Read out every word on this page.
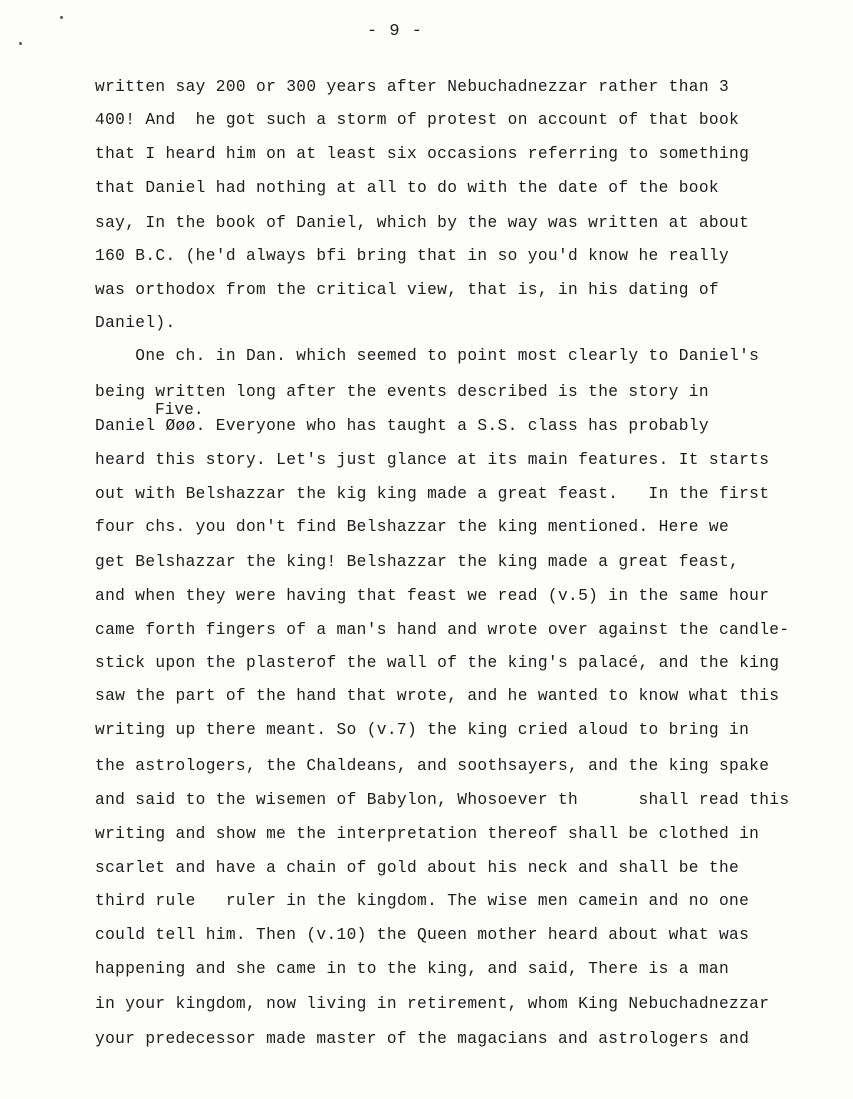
- 9 -
written say 200 or 300 years after Nebuchadnezzar rather than 3
400! And  he got such a storm of protest on account of that book
that I heard him on at least six occasions referring to something
that Daniel had nothing at all to do with the date of the book
say, In the book of Daniel, which by the way was written at about
160 B.C. (he'd always bfi bring that in so you'd know he really
was orthodox from the critical view, that is, in his dating of
Daniel).
One ch. in Dan. which seemed to point most clearly to Daniel's
being written long after the events described is the story in
Five.
Daniel Øøø. Everyone who has taught a S.S. class has probably
heard this story. Let's just glance at its main features. It starts
out with Belshazzar the kig king made a great feast.   In the first
four chs. you don't find Belshazzar the king mentioned. Here we
get Belshazzar the king! Belshazzar the king made a great feast,
and when they were having that feast we read (v.5) in the same hour
came forth fingers of a man's hand and wrote over against the candle-
stick upon the plasterof the wall of the king's palacé, and the king
saw the part of the hand that wrote, and he wanted to know what this
writing up there meant. So (v.7) the king cried aloud to bring in
the astrologers, the Chaldeans, and soothsayers, and the king spake
and said to the wisemen of Babylon, Whosoever th      shall read this
writing and show me the interpretation thereof shall be clothed in
scarlet and have a chain of gold about his neck and shall be the
third rule   ruler in the kingdom. The wise men camein and no one
could tell him. Then (v.10) the Queen mother heard about what was
happening and she came in to the king, and said, There is a man
in your kingdom, now living in retirement, whom King Nebuchadnezzar
your predecessor made master of the magacians and astrologers and
